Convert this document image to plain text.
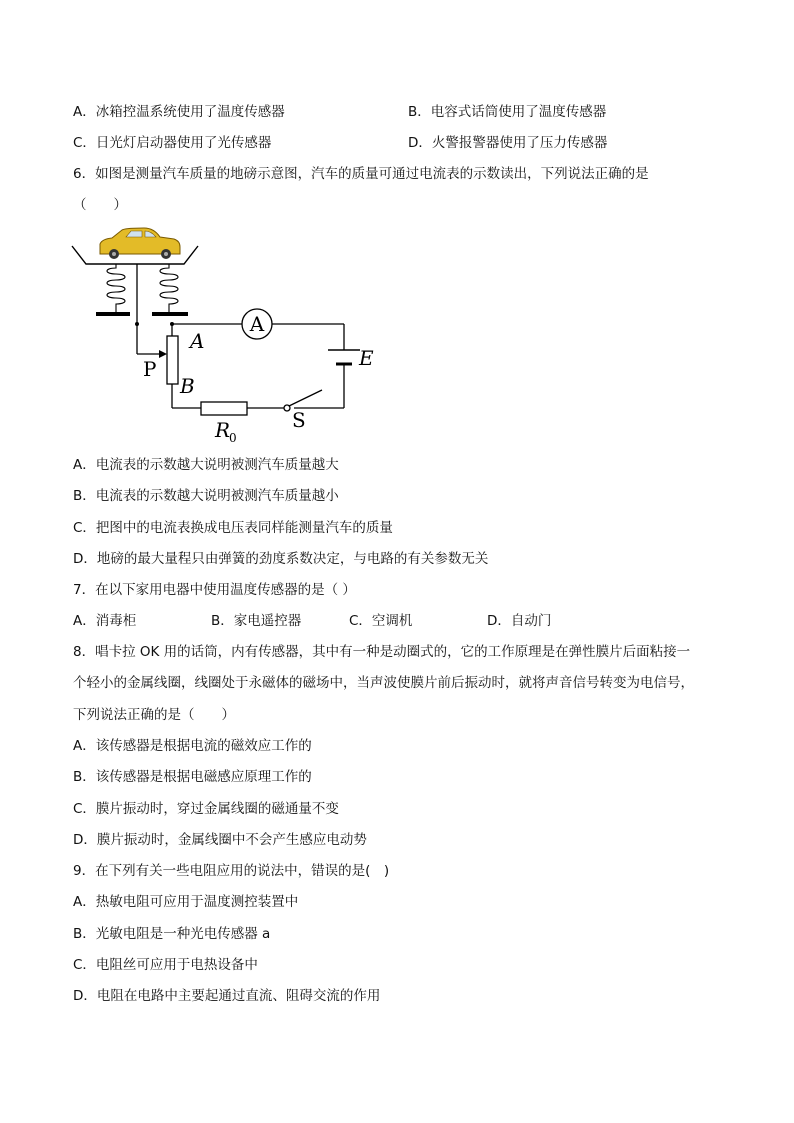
A．冰箱控温系统使用了温度传感器	B．电容式话筒使用了温度传感器
C．日光灯启动器使用了光传感器	D．火警报警器使用了压力传感器
6．如图是测量汽车质量的地磅示意图，汽车的质量可通过电流表的示数读出，下列说法正确的是
（　　）
A
A
B
P	E
S
R
0
A．电流表的示数越大说明被测汽车质量越大
B．电流表的示数越大说明被测汽车质量越小
C．把图中的电流表换成电压表同样能测量汽车的质量
D．地磅的最大量程只由弹簧的劲度系数决定，与电路的有关参数无关
7．在以下家用电器中使用温度传感器的是（ ）
A．消毒柜	B．家电遥控器	C．空调机	D．自动门
8．唱卡拉 OK 用的话筒，内有传感器，其中有一种是动圈式的，它的工作原理是在弹性膜片后面粘接一
个轻小的金属线圈，线圈处于永磁体的磁场中，当声波使膜片前后振动时，就将声音信号转变为电信号，
下列说法正确的是（　　）
A．该传感器是根据电流的磁效应工作的
B．该传感器是根据电磁感应原理工作的
C．膜片振动时，穿过金属线圈的磁通量不变
D．膜片振动时，金属线圈中不会产生感应电动势
9．在下列有关一些电阻应用的说法中，错误的是(　)
A．热敏电阻可应用于温度测控装置中
B．光敏电阻是一种光电传感器 a
C．电阻丝可应用于电热设备中
D．电阻在电路中主要起通过直流、阻碍交流的作用
